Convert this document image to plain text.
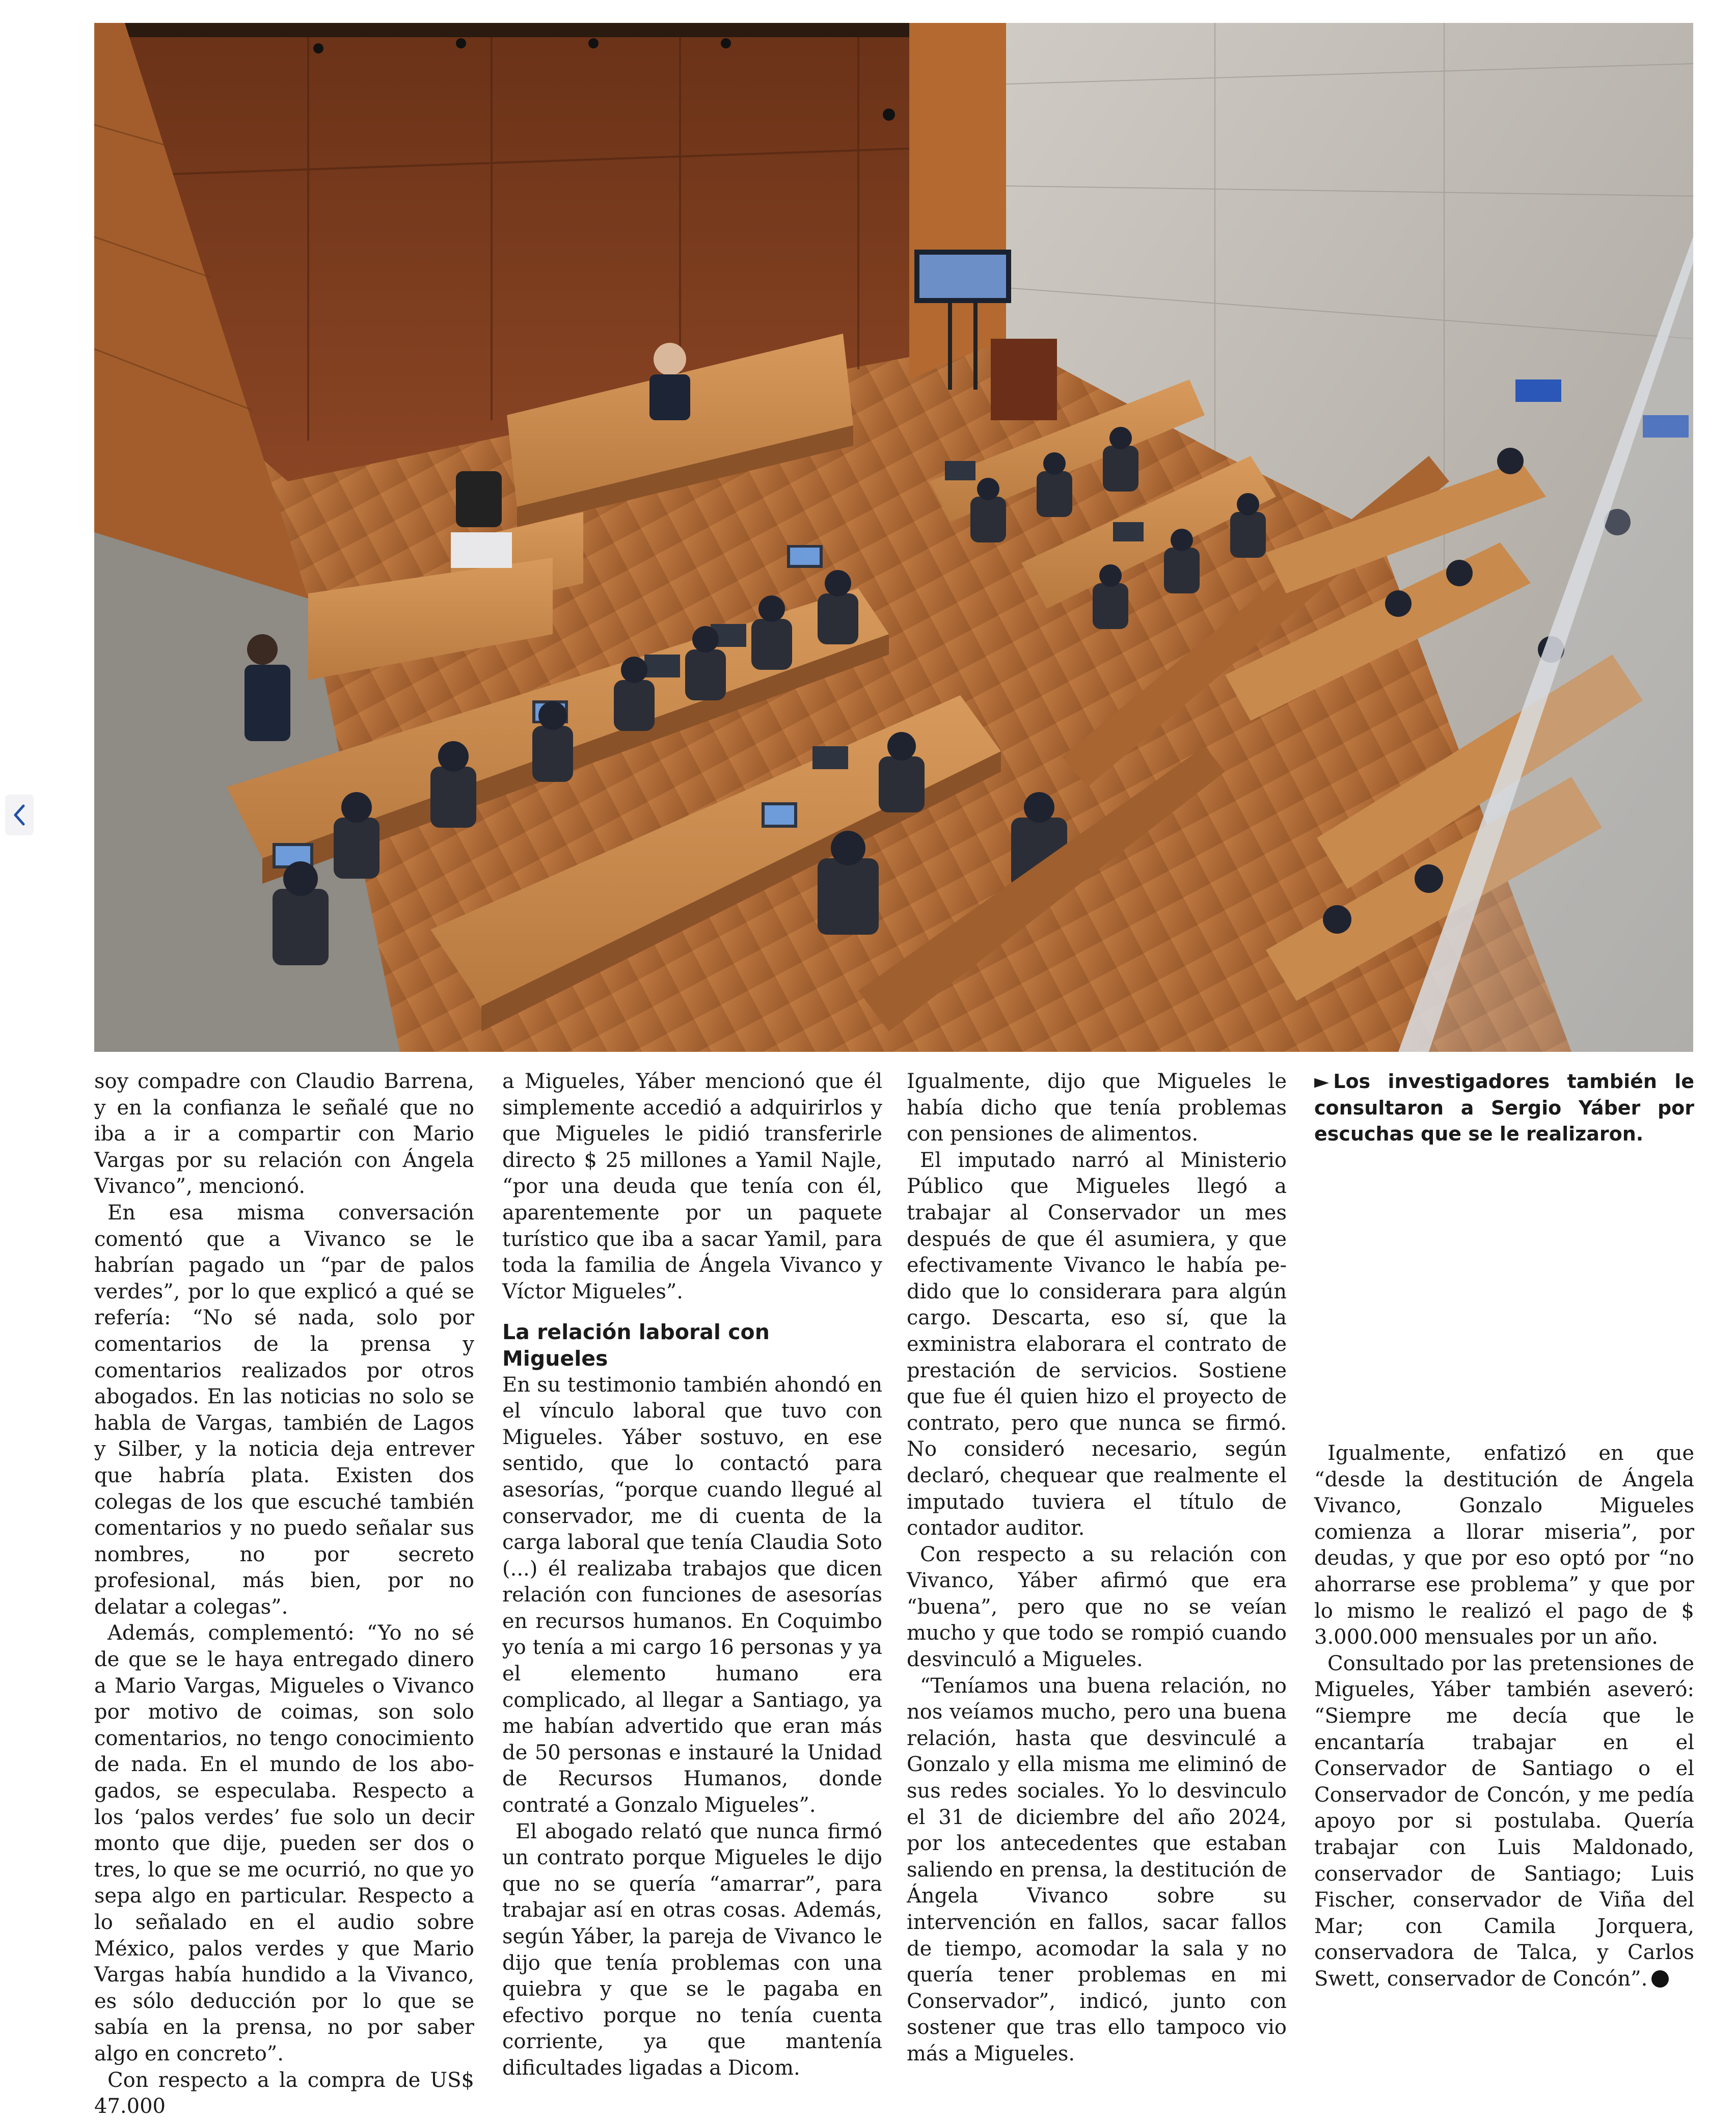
soy compadre con Claudio Barrena, y en la confianza le señalé que no iba a ir a compartir con Mario Vargas por su relación con Ángela Vivanco”, mencionó.

En esa misma conversación comentó que a Vivanco se le habrían pagado un “par de palos verdes”, por lo que explicó a qué se refería: “No sé nada, solo por comentarios de la prensa y comentarios realizados por otros abogados. En las noticias no solo se habla de Vargas, también de Lagos y Silber, y la noticia deja entrever que habría plata. Existen dos colegas de los que escuché también comentarios y no puedo señalar sus nombres, no por secreto profesional, más bien, por no delatar a colegas”.

Además, complementó: “Yo no sé de que se le haya entregado dinero a Mario Vargas, Migueles o Vivanco por motivo de coimas, son solo comentarios, no tengo conocimiento de nada. En el mundo de los abogados, se especulaba. Respecto a los ‘palos verdes’ fue solo un decir monto que dije, pueden ser dos o tres, lo que se me ocurrió, no que yo sepa algo en particular. Respecto a lo señalado en el audio sobre México, palos verdes y que Mario Vargas había hundido a la Vivanco, es sólo deducción por lo que se sabía en la prensa, no por saber algo en concreto”.

Con respecto a la compra de US$ 47.000

a Migueles, Yáber mencionó que él simplemente accedió a adquirirlos y que Migueles le pidió transferirle directo $ 25 millones a Yamil Najle, “por una deuda que tenía con él, aparentemente por un paquete turístico que iba a sacar Yamil, para toda la familia de Ángela Vivanco y Víctor Migueles”.

La relación laboral con Migueles

En su testimonio también ahondó en el vínculo laboral que tuvo con Migueles. Yáber sostuvo, en ese sentido, que lo contactó para asesorías, “porque cuando llegué al conservador, me di cuenta de la carga laboral que tenía Claudia Soto (...) él realizaba trabajos que dicen relación con funciones de asesorías en recursos humanos. En Coquimbo yo tenía a mi cargo 16 personas y ya el elemento humano era complicado, al llegar a Santiago, ya me habían advertido que eran más de 50 personas e instauré la Unidad de Recursos Humanos, donde contraté a Gonzalo Migueles”.

El abogado relató que nunca firmó un contrato porque Migueles le dijo que no se quería “amarrar”, para trabajar así en otras cosas. Además, según Yáber, la pareja de Vivanco le dijo que tenía problemas con una quiebra y que se le pagaba en efectivo porque no tenía cuenta corriente, ya que mantenía dificultades ligadas a Dicom.

Igualmente, dijo que Migueles le había dicho que tenía problemas con pensiones de alimentos.

El imputado narró al Ministerio Público que Migueles llegó a trabajar al Conservador un mes después de que él asumiera, y que efectivamente Vivanco le había pedido que lo considerara para algún cargo. Descarta, eso sí, que la exministra elaborara el contrato de prestación de servicios. Sostiene que fue él quien hizo el proyecto de contrato, pero que nunca se firmó. No consideró necesario, según declaró, chequear que realmente el imputado tuviera el título de contador auditor.

Con respecto a su relación con Vivanco, Yáber afirmó que era “buena”, pero que no se veían mucho y que todo se rompió cuando desvinculó a Migueles.

“Teníamos una buena relación, no nos veíamos mucho, pero una buena relación, hasta que desvinculé a Gonzalo y ella misma me eliminó de sus redes sociales. Yo lo desvinculo el 31 de diciembre del año 2024, por los antecedentes que estaban saliendo en prensa, la destitución de Ángela Vivanco sobre su intervención en fallos, sacar fallos de tiempo, acomodar la sala y no quería tener problemas en mi Conservador”, indicó, junto con sostener que tras ello tampoco vio más a Migueles.

► Los investigadores también le consultaron a Sergio Yáber por escuchas que se le realizaron.

Igualmente, enfatizó en que “desde la destitución de Ángela Vivanco, Gonzalo Migueles comienza a llorar miseria”, por deudas, y que por eso optó por “no ahorrarse ese problema” y que por lo mismo le realizó el pago de $ 3.000.000 mensuales por un año.

Consultado por las pretensiones de Migueles, Yáber también aseveró: “Siempre me decía que le encantaría trabajar en el Conservador de Santiago o el Conservador de Concón, y me pedía apoyo por si postulaba. Quería trabajar con Luis Maldonado, conservador de Santiago; Luis Fischer, conservador de Viña del Mar; con Camila Jorquera, conservadora de Talca, y Carlos Swett, conservador de Concón”.
